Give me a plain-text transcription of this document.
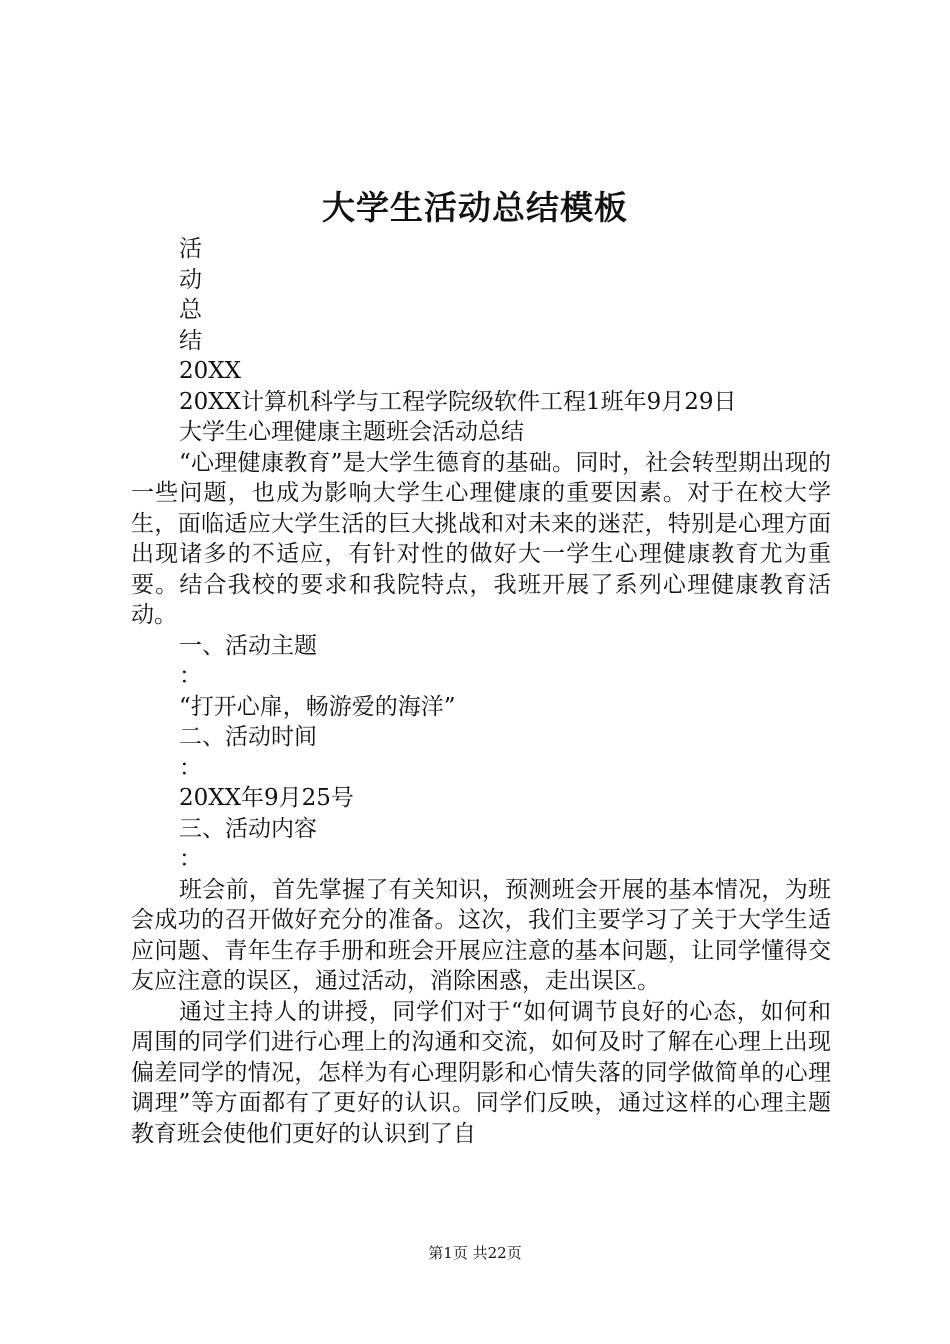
大学生活动总结模板
活
动
总
结
20XX
20XX计算机科学与工程学院级软件工程1班年9月29日
大学生心理健康主题班会活动总结
“心理健康教育”是大学生德育的基础。同时，社会转型期出现的一些问题，也成为影响大学生心理健康的重要因素。对于在校大学生，面临适应大学生活的巨大挑战和对未来的迷茫，特别是心理方面出现诸多的不适应，有针对性的做好大一学生心理健康教育尤为重要。结合我校的要求和我院特点，我班开展了系列心理健康教育活动。
一、活动主题
：
“打开心扉，畅游爱的海洋”
二、活动时间
：
20XX年9月25号
三、活动内容
：
班会前，首先掌握了有关知识，预测班会开展的基本情况，为班会成功的召开做好充分的准备。这次，我们主要学习了关于大学生适应问题、青年生存手册和班会开展应注意的基本问题，让同学懂得交友应注意的误区，通过活动，消除困惑，走出误区。
通过主持人的讲授，同学们对于“如何调节良好的心态，如何和周围的同学们进行心理上的沟通和交流，如何及时了解在心理上出现偏差同学的情况，怎样为有心理阴影和心情失落的同学做简单的心理调理”等方面都有了更好的认识。同学们反映，通过这样的心理主题教育班会使他们更好的认识到了自
第1页 共22页
